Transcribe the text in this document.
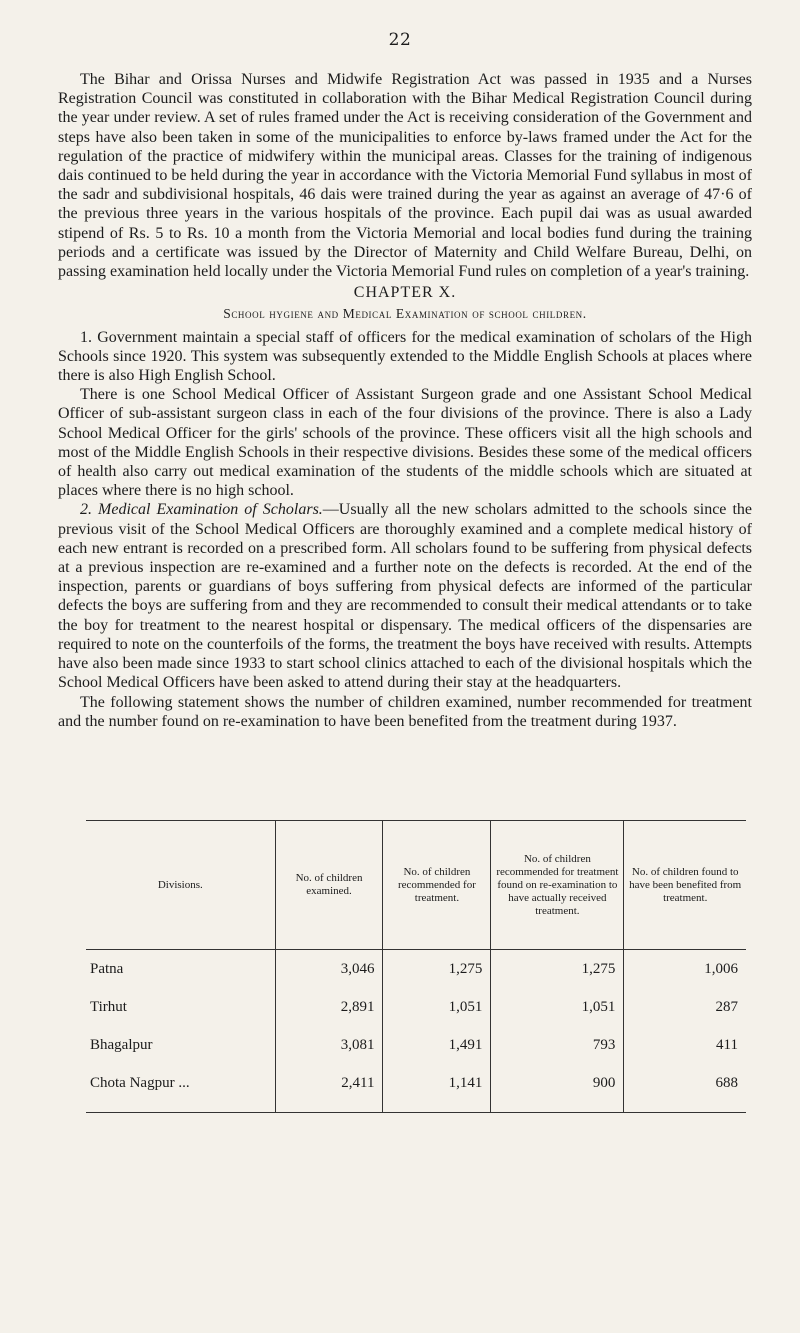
22

The Bihar and Orissa Nurses and Midwife Registration Act was passed in 1935 and a Nurses Registration Council was constituted in collaboration with the Bihar Medical Registration Council during the year under review. A set of rules framed under the Act is receiving consideration of the Government and steps have also been taken in some of the municipalities to enforce by-laws framed under the Act for the regulation of the practice of midwifery within the municipal areas. Classes for the training of indigenous dais continued to be held during the year in accordance with the Victoria Memorial Fund syllabus in most of the sadr and subdivisional hospitals, 46 dais were trained during the year as against an average of 47·6 of the previous three years in the various hospitals of the province. Each pupil dai was as usual awarded stipend of Rs. 5 to Rs. 10 a month from the Victoria Memorial and local bodies fund during the training periods and a certificate was issued by the Director of Maternity and Child Welfare Bureau, Delhi, on passing examination held locally under the Victoria Memorial Fund rules on completion of a year's training.

CHAPTER X.
School hygiene and Medical Examination of school children.

1. Government maintain a special staff of officers for the medical examination of scholars of the High Schools since 1920. This system was subsequently extended to the Middle English Schools at places where there is also High English School.

There is one School Medical Officer of Assistant Surgeon grade and one Assistant School Medical Officer of sub-assistant surgeon class in each of the four divisions of the province. There is also a Lady School Medical Officer for the girls' schools of the province. These officers visit all the high schools and most of the Middle English Schools in their respective divisions. Besides these some of the medical officers of health also carry out medical examination of the students of the middle schools which are situated at places where there is no high school.

2. Medical Examination of Scholars.—Usually all the new scholars admitted to the schools since the previous visit of the School Medical Officers are thoroughly examined and a complete medical history of each new entrant is recorded on a prescribed form. All scholars found to be suffering from physical defects at a previous inspection are re-examined and a further note on the defects is recorded. At the end of the inspection, parents or guardians of boys suffering from physical defects are informed of the particular defects the boys are suffering from and they are recommended to consult their medical attendants or to take the boy for treatment to the nearest hospital or dispensary. The medical officers of the dispensaries are required to note on the counterfoils of the forms, the treatment the boys have received with results. Attempts have also been made since 1933 to start school clinics attached to each of the divisional hospitals which the School Medical Officers have been asked to attend during their stay at the headquarters.

The following statement shows the number of children examined, number recommended for treatment and the number found on re-examination to have been benefited from the treatment during 1937.

Divisions.	No. of children examined.	No. of children recommended for treatment.	No. of children recommended for treatment found on re-examination to have actually received treatment.	No. of children found to have been benefited from treatment.
Patna	3,046	1,275	1,275	1,006
Tirhut	2,891	1,051	1,051	287
Bhagalpur	3,081	1,491	793	411
Chota Nagpur ...	2,411	1,141	900	688
